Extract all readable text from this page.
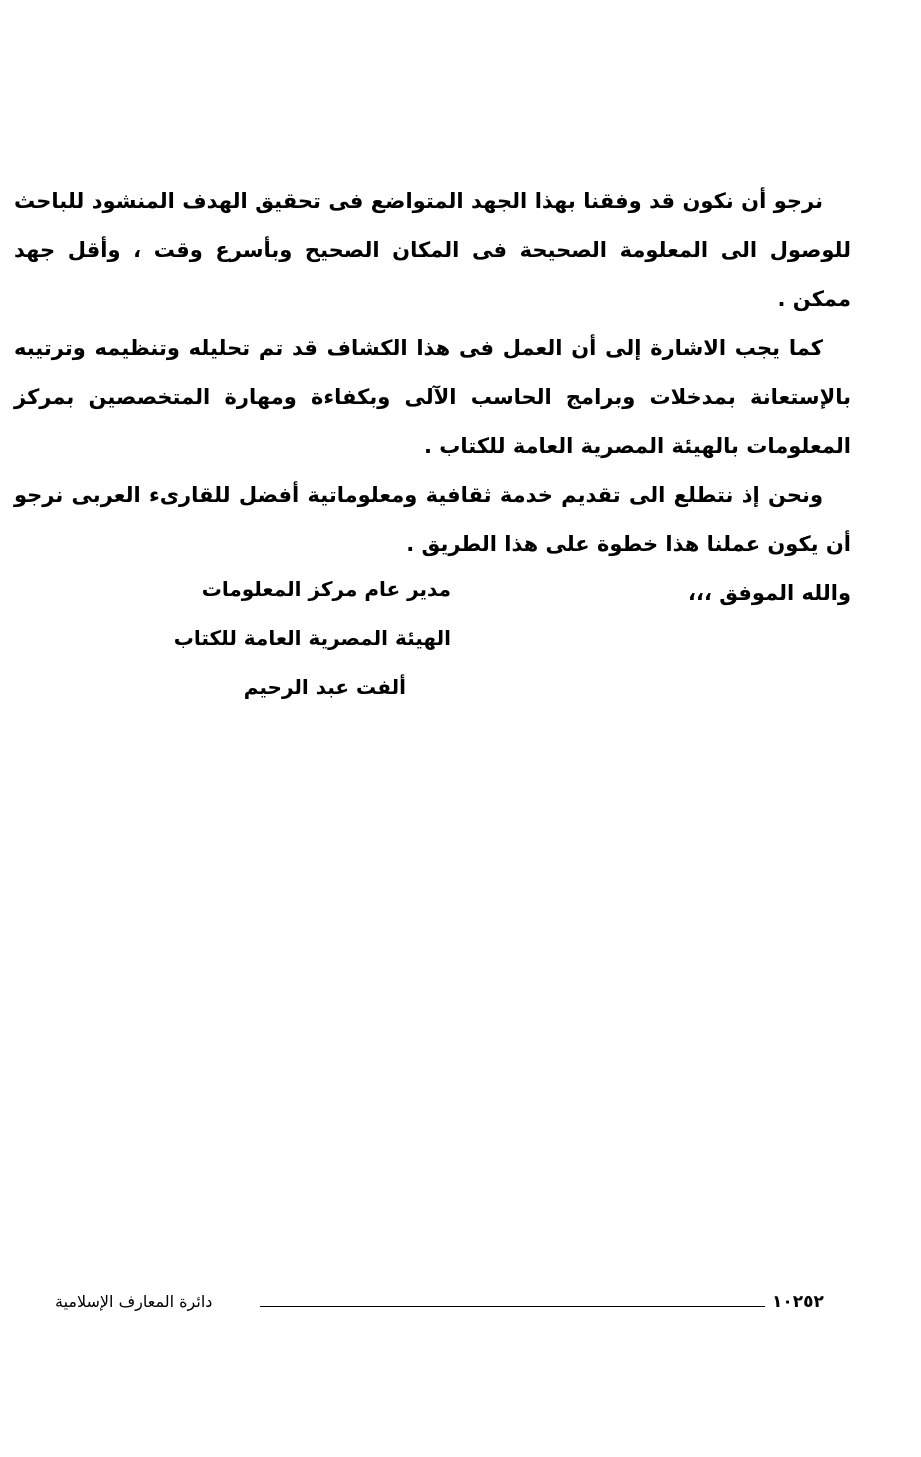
نرجو أن نكون قد وفقنا بهذا الجهد المتواضع فى تحقيق الهدف المنشود للباحث للوصول الى المعلومة الصحيحة فى المكان الصحيح وبأسرع وقت ، وأقل جهد ممكن .

كما يجب الاشارة إلى أن العمل فى هذا الكشاف قد تم تحليله وتنظيمه وترتيبه بالإستعانة بمدخلات وبرامج الحاسب الآلى وبكفاءة ومهارة المتخصصين بمركز المعلومات بالهيئة المصرية العامة للكتاب .

ونحن إذ نتطلع الى تقديم خدمة ثقافية ومعلوماتية أفضل للقارىء العربى نرجو أن يكون عملنا هذا خطوة على هذا الطريق .

والله الموفق ،،،

مدير عام مركز المعلومات
الهيئة المصرية العامة للكتاب
ألفت عبد الرحيم
دائرة المعارف الإسلامية	١٠٢٥٢
